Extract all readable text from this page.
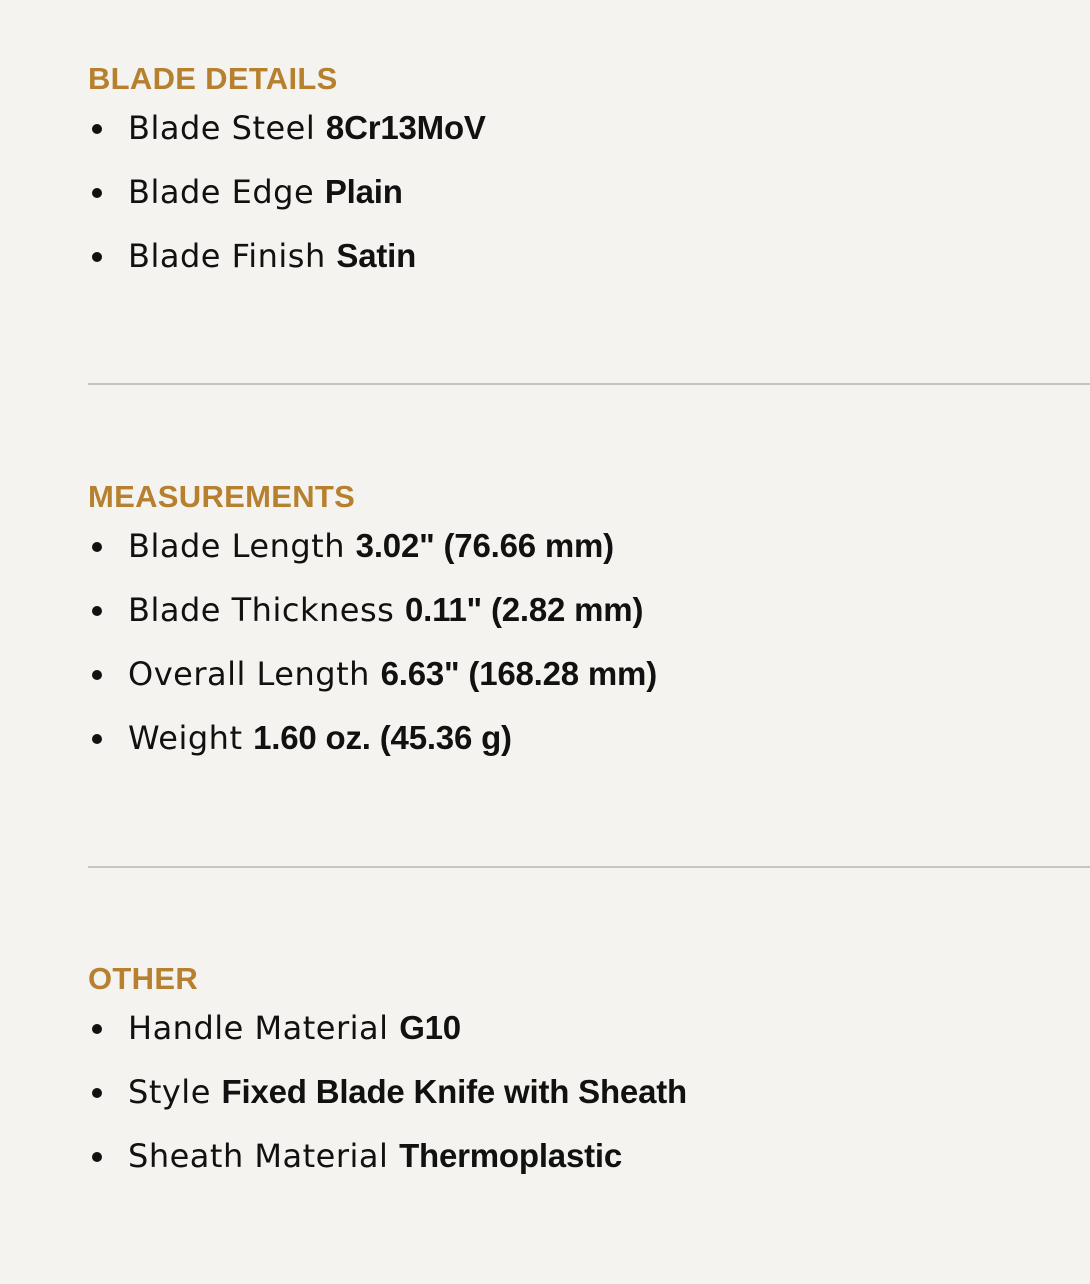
BLADE DETAILS
Blade Steel 8Cr13MoV
Blade Edge Plain
Blade Finish Satin
MEASUREMENTS
Blade Length 3.02" (76.66 mm)
Blade Thickness 0.11" (2.82 mm)
Overall Length 6.63" (168.28 mm)
Weight 1.60 oz. (45.36 g)
OTHER
Handle Material G10
Style Fixed Blade Knife with Sheath
Sheath Material Thermoplastic
